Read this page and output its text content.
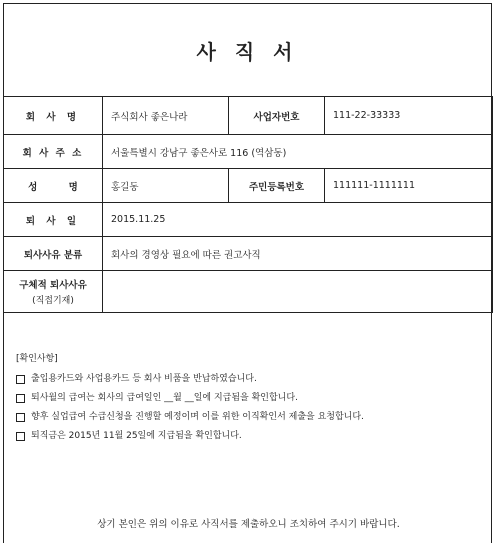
사 직 서
회 사 명	주식회사 좋은나라	사업자번호	111-22-33333
회 사 주 소	서울특별시 강남구 좋은사로 116 (역삼동)		
성 명	홍길동	주민등록번호	111111-1111111
퇴 사 일	2015.11.25		
퇴사사유 분류	회사의 경영상 필요에 따른 권고사직		
구체적 퇴사사유
(직접기재)			

[확인사항]
출입용카드와 사업용카드 등 회사 비품을 반납하였습니다.
퇴사월의 급여는 회사의 급여일인 __월 __일에 지급됨을 확인합니다.
향후 실업급여 수급신청을 진행할 예정이며 이를 위한 이직확인서 제출을 요청합니다.
퇴직금은 2015년 11월 25일에 지급됨을 확인합니다.
상기 본인은 위의 이유로 사직서를 제출하오니 조치하여 주시기 바랍니다.
